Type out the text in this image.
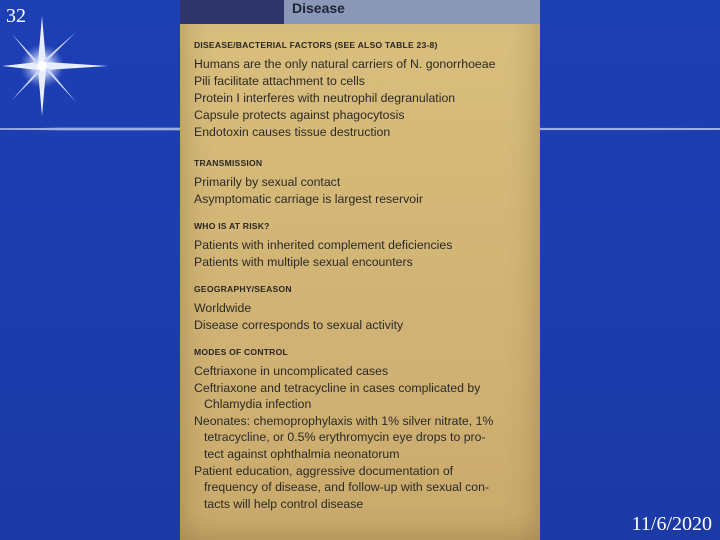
32	Disease
DISEASE/BACTERIAL FACTORS (SEE ALSO TABLE 23-8)
Humans are the only natural carriers of N. gonorrhoeae
Pili facilitate attachment to cells
Protein I interferes with neutrophil degranulation
Capsule protects against phagocytosis
Endotoxin causes tissue destruction
TRANSMISSION
Primarily by sexual contact
Asymptomatic carriage is largest reservoir
WHO IS AT RISK?
Patients with inherited complement deficiencies
Patients with multiple sexual encounters
GEOGRAPHY/SEASON
Worldwide
Disease corresponds to sexual activity
MODES OF CONTROL
Ceftriaxone in uncomplicated cases
Ceftriaxone and tetracycline in cases complicated by
Chlamydia infection
Neonates: chemoprophylaxis with 1% silver nitrate, 1%
tetracycline, or 0.5% erythromycin eye drops to pro-
tect against ophthalmia neonatorum
Patient education, aggressive documentation of
frequency of disease, and follow-up with sexual con-
tacts will help control disease
11/6/2020
